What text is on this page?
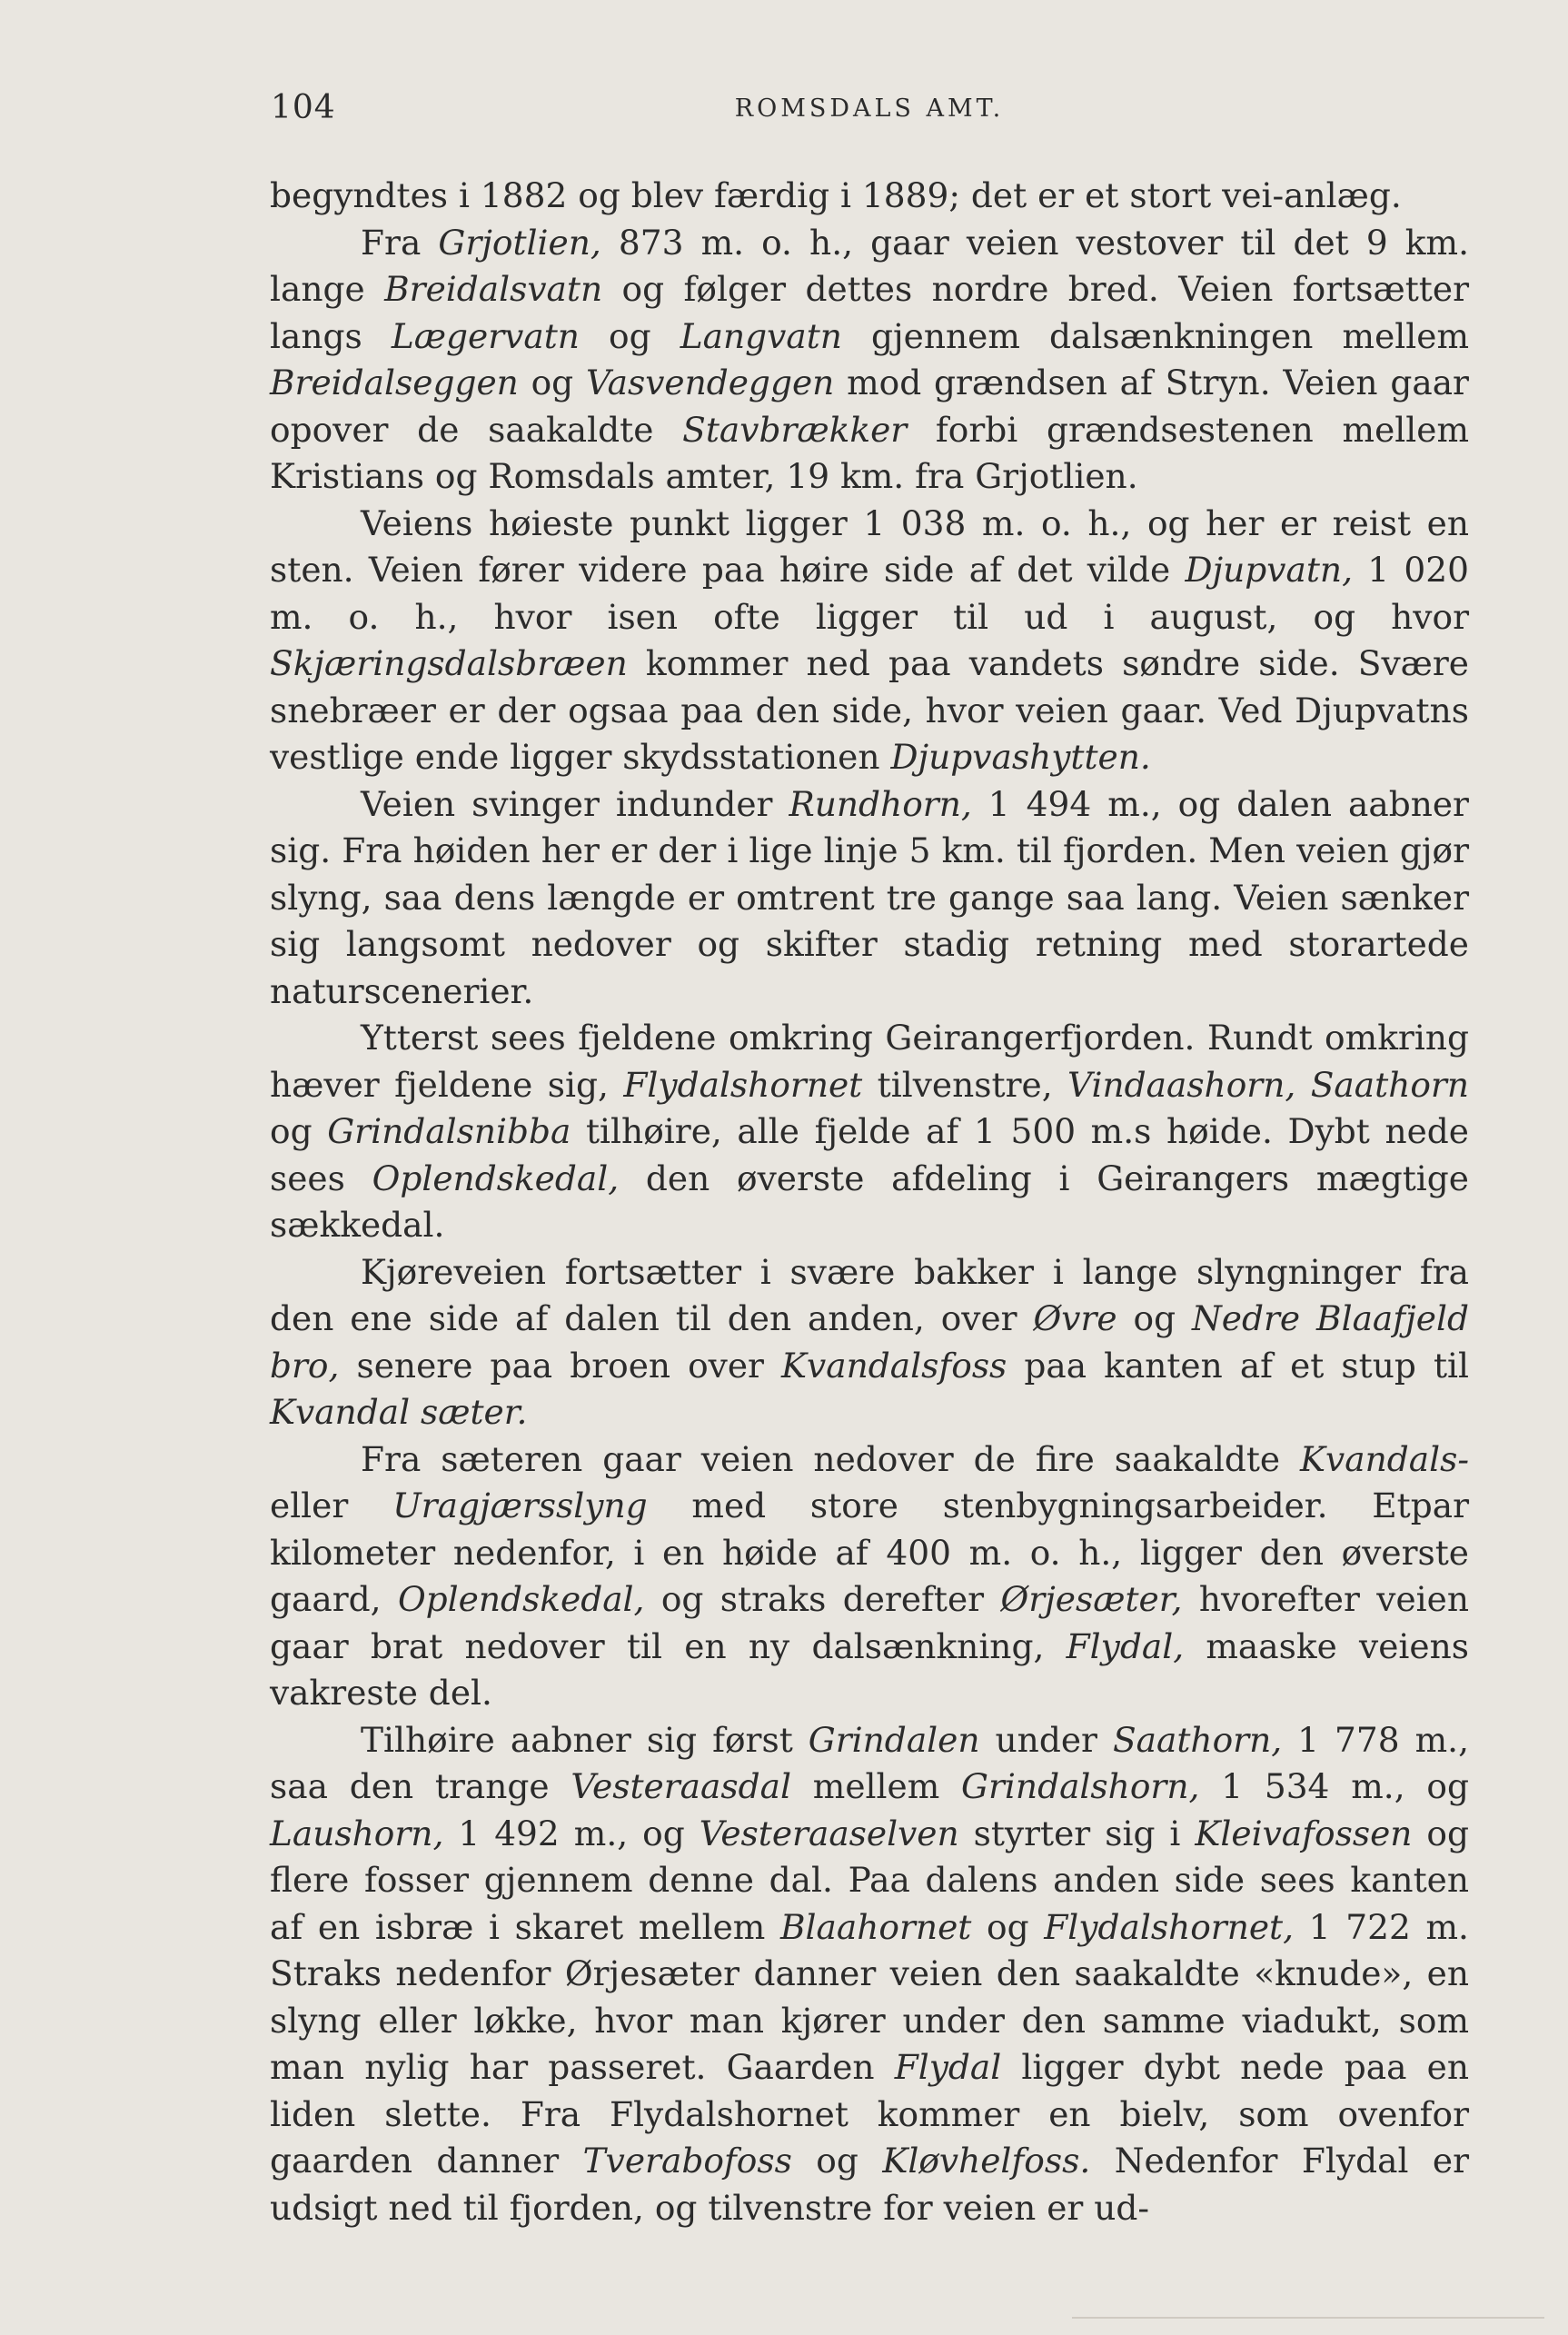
104	ROMSDALS AMT.

begyndtes i 1882 og blev færdig i 1889; det er et stort vei-anlæg.

Fra Grjotlien, 873 m. o. h., gaar veien vestover til det 9 km. lange Breidalsvatn og følger dettes nordre bred. Veien fortsætter langs Lægervatn og Langvatn gjennem dalsænkningen mellem Breidalseggen og Vasvendeggen mod grændsen af Stryn. Veien gaar opover de saakaldte Stavbrækker forbi grændsestenen mellem Kristians og Romsdals amter, 19 km. fra Grjotlien.

Veiens høieste punkt ligger 1 038 m. o. h., og her er reist en sten. Veien fører videre paa høire side af det vilde Djupvatn, 1 020 m. o. h., hvor isen ofte ligger til ud i august, og hvor Skjæringsdalsbræen kommer ned paa vandets søndre side. Svære snebræer er der ogsaa paa den side, hvor veien gaar. Ved Djupvatns vestlige ende ligger skydsstationen Djupvashytten.

Veien svinger indunder Rundhorn, 1 494 m., og dalen aabner sig. Fra høiden her er der i lige linje 5 km. til fjorden. Men veien gjør slyng, saa dens længde er omtrent tre gange saa lang. Veien sænker sig langsomt nedover og skifter stadig retning med storartede naturscenerier.

Ytterst sees fjeldene omkring Geirangerfjorden. Rundt omkring hæver fjeldene sig, Flydalshornet tilvenstre, Vindaashorn, Saathorn og Grindalsnibba tilhøire, alle fjelde af 1 500 m.s høide. Dybt nede sees Oplendskedal, den øverste afdeling i Geirangers mægtige sækkedal.

Kjøreveien fortsætter i svære bakker i lange slyngninger fra den ene side af dalen til den anden, over Øvre og Nedre Blaafjeld bro, senere paa broen over Kvandalsfoss paa kanten af et stup til Kvandal sæter.

Fra sæteren gaar veien nedover de fire saakaldte Kvandals- eller Uragjærsslyng med store stenbygningsarbeider. Etpar kilometer nedenfor, i en høide af 400 m. o. h., ligger den øverste gaard, Oplendskedal, og straks derefter Ørjesæter, hvorefter veien gaar brat nedover til en ny dalsænkning, Flydal, maaske veiens vakreste del.

Tilhøire aabner sig først Grindalen under Saathorn, 1 778 m., saa den trange Vesteraasdal mellem Grindalshorn, 1 534 m., og Laushorn, 1 492 m., og Vesteraaselven styrter sig i Kleivafossen og flere fosser gjennem denne dal. Paa dalens anden side sees kanten af en isbræ i skaret mellem Blaahornet og Flydalshornet, 1 722 m. Straks nedenfor Ørjesæter danner veien den saakaldte «knude», en slyng eller løkke, hvor man kjører under den samme viadukt, som man nylig har passeret. Gaarden Flydal ligger dybt nede paa en liden slette. Fra Flydalshornet kommer en bielv, som ovenfor gaarden danner Tverabofoss og Kløvhelfoss. Nedenfor Flydal er udsigt ned til fjorden, og tilvenstre for veien er ud-
